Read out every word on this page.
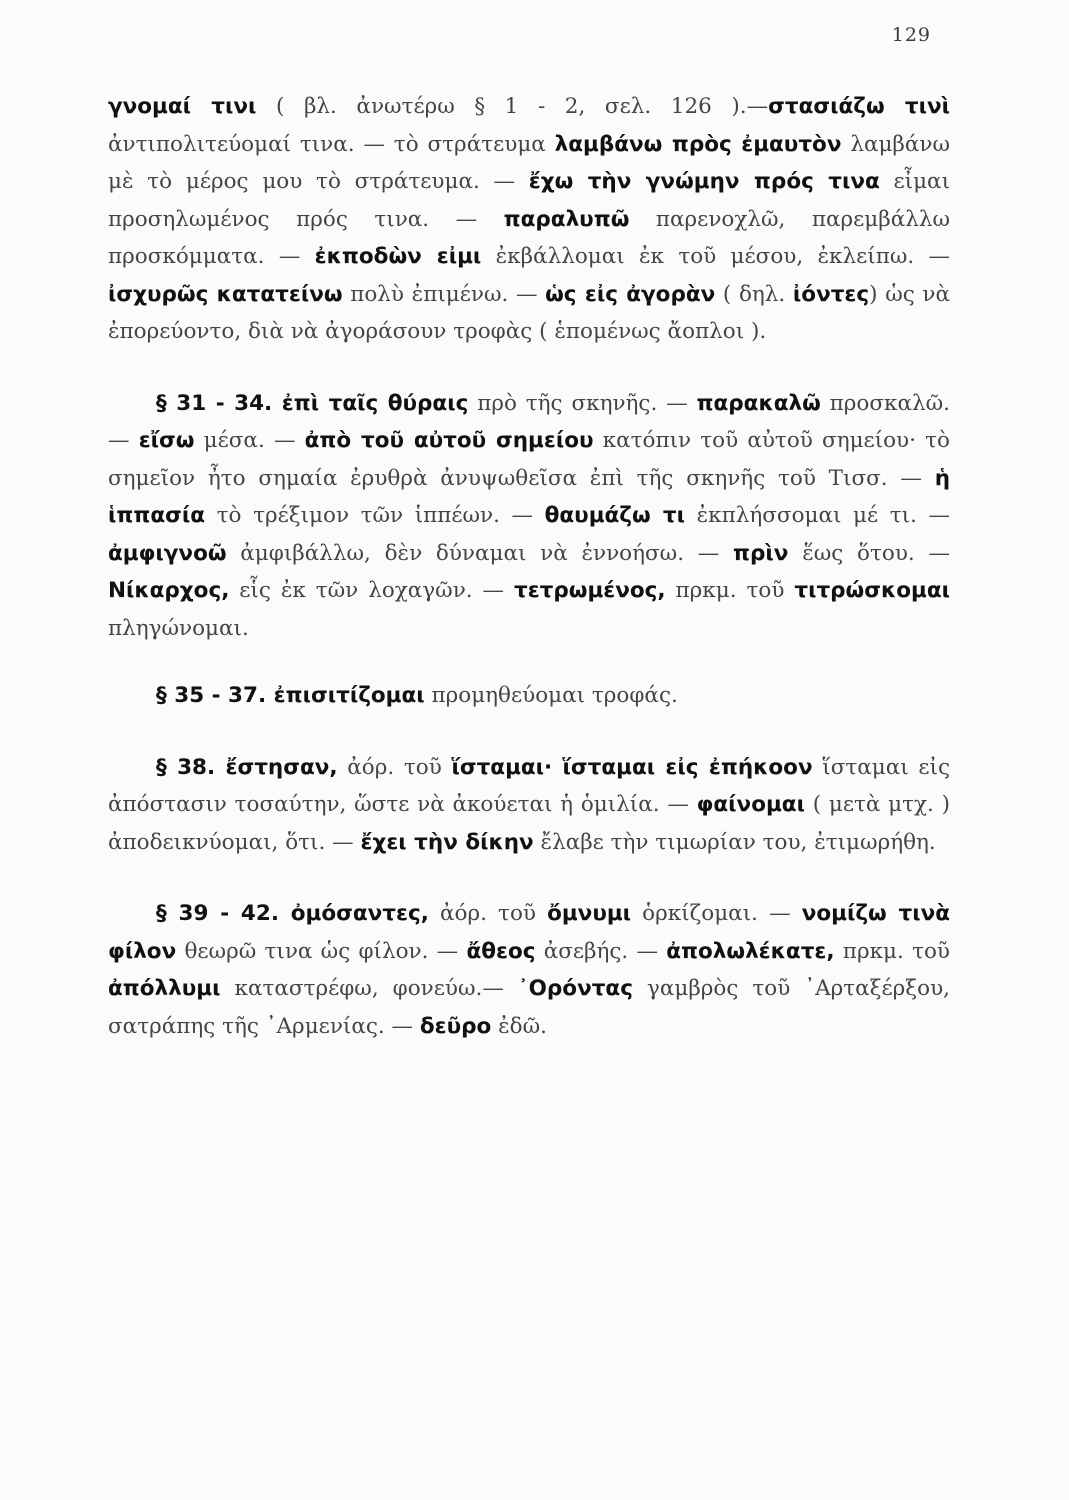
129

γνομαί τινι ( βλ. ἀνωτέρω § 1 - 2, σελ. 126 ).—στασιάζω τινὶ ἀντιπολιτεύομαί τινα. — τὸ στράτευμα λαμβάνω πρὸς ἐμαυτὸν λαμβάνω μὲ τὸ μέρος μου τὸ στράτευμα. — ἔχω τὴν γνώμην πρός τινα εἶμαι προσηλωμένος πρός τινα. — παραλυπῶ παρενοχλῶ, παρεμβάλλω προσκόμματα. — ἐκποδὼν εἰμι ἐκβάλλομαι ἐκ τοῦ μέσου, ἐκλείπω. — ἰσχυρῶς κατατείνω πολὺ ἐπιμένω. — ὡς εἰς ἀγορὰν ( δηλ. ἰόντες) ὡς νὰ ἐπορεύοντο, διὰ νὰ ἀγοράσουν τροφὰς ( ἑπομένως ἄοπλοι ).

§ 31 - 34. ἐπὶ ταῖς θύραις πρὸ τῆς σκηνῆς. — παρακαλῶ προσκαλῶ. — εἴσω μέσα. — ἀπὸ τοῦ αὐτοῦ σημείου κατόπιν τοῦ αὐτοῦ σημείου· τὸ σημεῖον ἦτο σημαία ἐρυθρὰ ἀνυψωθεῖσα ἐπὶ τῆς σκηνῆς τοῦ Τισσ. — ἡ ἱππασία τὸ τρέξιμον τῶν ἱππέων. — θαυμάζω τι ἐκπλήσσομαι μέ τι. — ἀμφιγνοῶ ἀμφιβάλλω, δὲν δύναμαι νὰ ἐννοήσω. — πρὶν ἕως ὅτου. — Νίκαρχος, εἷς ἐκ τῶν λοχαγῶν. — τετρωμένος, πρκμ. τοῦ τιτρώσκομαι πληγώνομαι.

§ 35 - 37. ἐπισιτίζομαι προμηθεύομαι τροφάς.

§ 38. ἔστησαν, ἀόρ. τοῦ ἵσταμαι· ἵσταμαι εἰς ἐπήκοον ἵσταμαι εἰς ἀπόστασιν τοσαύτην, ὥστε νὰ ἀκούεται ἡ ὁμιλία. — φαίνομαι ( μετὰ μτχ. ) ἀποδεικνύομαι, ὅτι. — ἔχει τὴν δίκην ἔλαβε τὴν τιμωρίαν του, ἐτιμωρήθη.

§ 39 - 42. ὀμόσαντες, ἀόρ. τοῦ ὄμνυμι ὁρκίζομαι. — νομίζω τινὰ φίλον θεωρῶ τινα ὡς φίλον. — ἄθεος ἀσεβής. — ἀπολωλέκατε, πρκμ. τοῦ ἀπόλλυμι καταστρέφω, φονεύω.— ᾿Ορόντας γαμβρὸς τοῦ ᾿Αρταξέρξου, σατράπης τῆς ᾿Αρμενίας. — δεῦρο ἐδῶ.
